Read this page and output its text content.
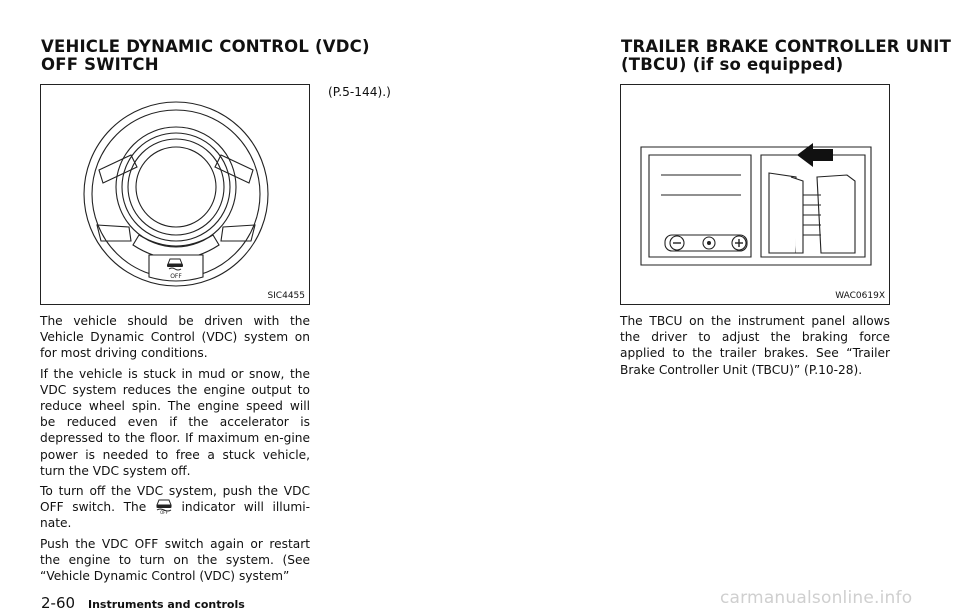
VEHICLE DYNAMIC CONTROL (VDC)
OFF SWITCH
OFF
SIC4455

The vehicle should be driven with the Vehicle Dynamic Control (VDC) system on for most driving conditions.

If the vehicle is stuck in mud or snow, the VDC system reduces the engine output to reduce wheel spin. The engine speed will be reduced even if the accelerator is depressed to the floor. If maximum en-gine power is needed to free a stuck vehicle, turn the VDC system off.

To turn off the VDC system, push the VDC OFF switch. The	OFF indicator will illumi-nate.

Push the VDC OFF switch again or restart the engine to turn on the system. (See “Vehicle Dynamic Control (VDC) system”

(P.5-144).)

TRAILER BRAKE CONTROLLER UNIT
(TBCU) (if so equipped)
WAC0619X

The TBCU on the instrument panel allows the driver to adjust the braking force applied to the trailer brakes. See “Trailer Brake Controller Unit (TBCU)” (P.10-28).

2-60 Instruments and controls	carmanualsonline.info
